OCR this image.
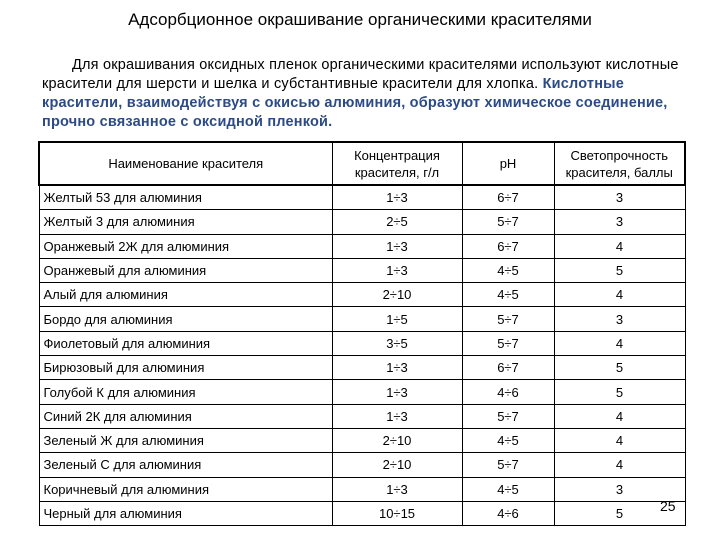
Адсорбционное окрашивание органическими красителями
Для окрашивания оксидных пленок органическими красителями используют кислотные красители для шерсти и шелка и субстантивные красители для хлопка. Кислотные красители, взаимодействуя с окисью алюминия, образуют химическое соединение, прочно связанное с оксидной пленкой.
Наименование красителя	Концентрация красителя, г/л	pH	Светопрочность красителя, баллы
Желтый 53 для алюминия	1÷3	6÷7	3
Желтый 3 для алюминия	2÷5	5÷7	3
Оранжевый 2Ж для алюминия	1÷3	6÷7	4
Оранжевый для алюминия	1÷3	4÷5	5
Алый для алюминия	2÷10	4÷5	4
Бордо для алюминия	1÷5	5÷7	3
Фиолетовый для алюминия	3÷5	5÷7	4
Бирюзовый для алюминия	1÷3	6÷7	5
Голубой К для алюминия	1÷3	4÷6	5
Синий 2К для алюминия	1÷3	5÷7	4
Зеленый Ж для алюминия	2÷10	4÷5	4
Зеленый С для алюминия	2÷10	5÷7	4
Коричневый для алюминия	1÷3	4÷5	3
Черный для алюминия	10÷15	4÷6	5	25
